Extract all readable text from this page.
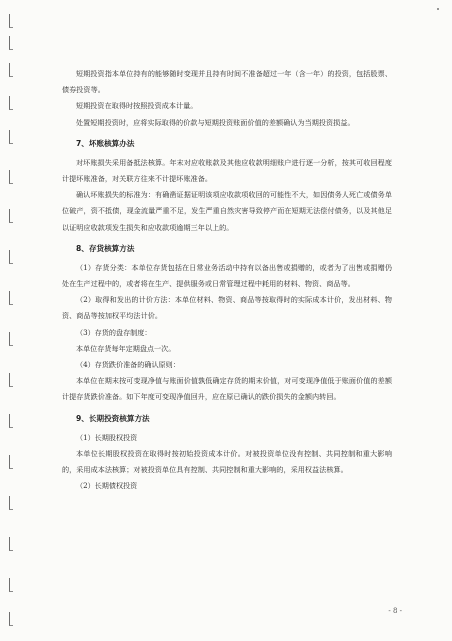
短期投资指本单位持有的能够随时变现并且持有时间不准备超过一年（含一年）的投资，包括股票、债券投资等。

短期投资在取得时按照投资成本计量。

处置短期投资时，应将实际取得的价款与短期投资账面价值的差额确认为当期投资损益。

7、坏账核算办法

对坏账损失采用备抵法核算。年末对应收账款及其他应收款明细账户进行逐一分析，按其可收回程度计提坏账准备，对关联方往来不计提坏账准备。

确认坏账损失的标准为：有确凿证据证明该项应收款项收回的可能性不大，如因债务人死亡或债务单位破产，资不抵债，现金流量严重不足，发生严重自然灾害导致停产而在短期无法偿付债务，以及其他足以证明应收款项发生损失和应收款项逾期三年以上的。

8、存货核算方法

（1）存货分类：本单位存货包括在日常业务活动中持有以备出售或捐赠的，或者为了出售或捐赠仍处在生产过程中的，或者将在生产、提供服务或日常管理过程中耗用的材料、物资、商品等。

（2）取得和发出的计价方法：本单位材料、物资、商品等按取得时的实际成本计价，发出材料、物资、商品等按加权平均法计价。

（3）存货的盘存制度：

本单位存货每年定期盘点一次。

（4）存货跌价准备的确认原则：

本单位在期末按可变现净值与账面价值孰低确定存货的期末价值，对可变现净值低于账面价值的差额计提存货跌价准备。如下年度可变现净值回升，应在原已确认的跌价损失的金额内转回。

9、长期投资核算方法

（1）长期股权投资

本单位长期股权投资在取得时按初始投资成本计价。对被投资单位没有控制、共同控制和重大影响的，采用成本法核算；对被投资单位具有控制、共同控制和重大影响的，采用权益法核算。

（2）长期债权投资

- 8 -
